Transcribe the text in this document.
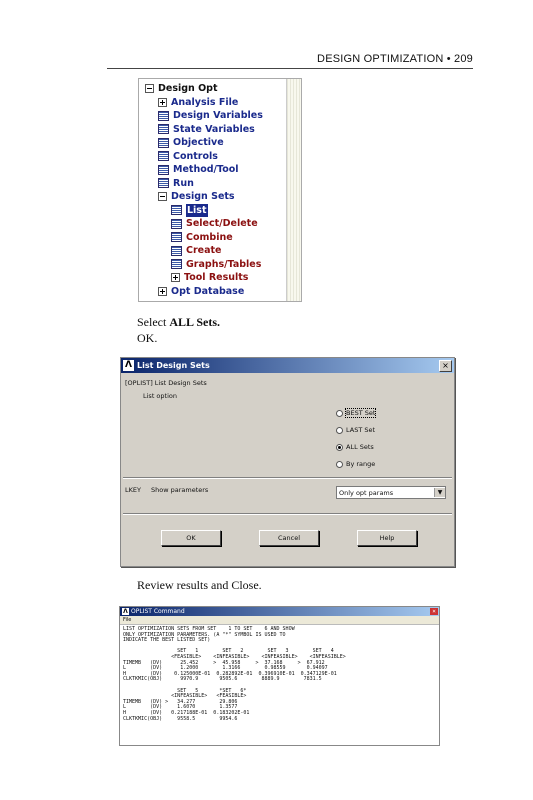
DESIGN OPTIMIZATION • 209
Design Opt
Analysis File
Design Variables
State Variables
Objective
Controls
Method/Tool
Run
Design Sets
List
Select/Delete
Combine
Create
Graphs/Tables
Tool Results
Opt Database
Select ALL Sets.
OK.
Λ List Design Sets	×
[OPLIST] List Design Sets
List option
BEST Set
LAST Set
ALL Sets
By range
LKEY Show parameters	Only opt params	▼
OK	Cancel	Help
Review results and Close.
Λ OPLIST Command	×
File
LIST OPTIMIZATION SETS FROM SET    1 TO SET    6 AND SHOW
ONLY OPTIMIZATION PARAMETERS. (A "*" SYMBOL IS USED TO
INDICATE THE BEST LISTED SET)

SET   1        SET   2        SET   3        SET   4
<FEASIBLE>    <INFEASIBLE>    <INFEASIBLE>    <INFEASIBLE>
TIMEMB   (DV)      25.452     >  45.958     >  37.168     >  67.912
L        (DV)      1.2000        1.3166        0.98559       0.94097
H        (DV)    0.125000E-01  0.282892E-01  0.396910E-01  0.347129E-01
CLKTKMIC(OBJ)      9970.9       9505.6        8889.9        7831.5

SET   5       *SET   6*
<INFEASIBLE>   <FEASIBLE>
TIMEMB   (DV) >   34.277        29.806
L        (DV)     1.6070        1.3577
H        (DV)   0.217188E-01  0.183202E-01
CLKTKMIC(OBJ)     9558.5        9954.6
